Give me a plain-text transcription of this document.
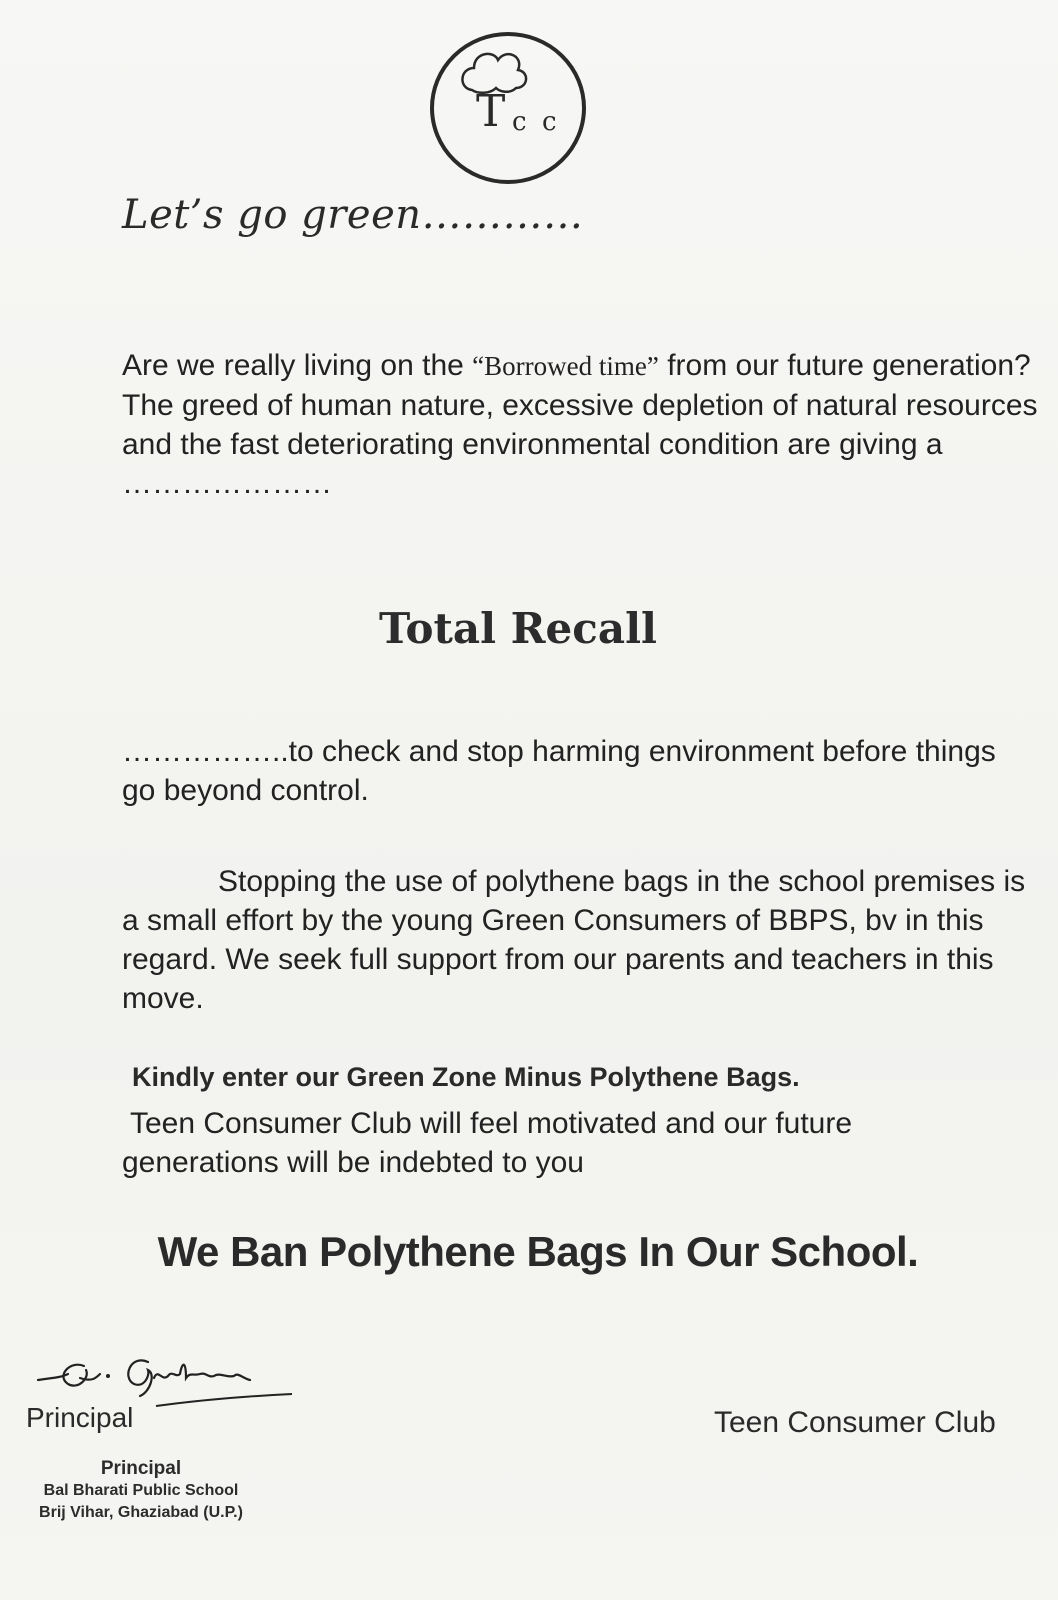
T c c
Let’s go green…………
Are we really living on the “Borrowed time” from our future generation? The greed of human nature, excessive depletion of natural resources and the fast deteriorating environmental condition are giving a …………………
Total Recall
……………..to check and stop harming environment before things go beyond control.
Stopping the use of polythene bags in the school premises is a small effort by the young Green Consumers of BBPS, bv in this regard. We seek full support from our parents and teachers in this move.
Kindly enter our Green Zone Minus Polythene Bags.
Teen Consumer Club will feel motivated and our future generations will be indebted to you
We Ban Polythene Bags In Our School.
Principal	Teen Consumer Club
Principal
Bal Bharati Public School
Brij Vihar, Ghaziabad (U.P.)
